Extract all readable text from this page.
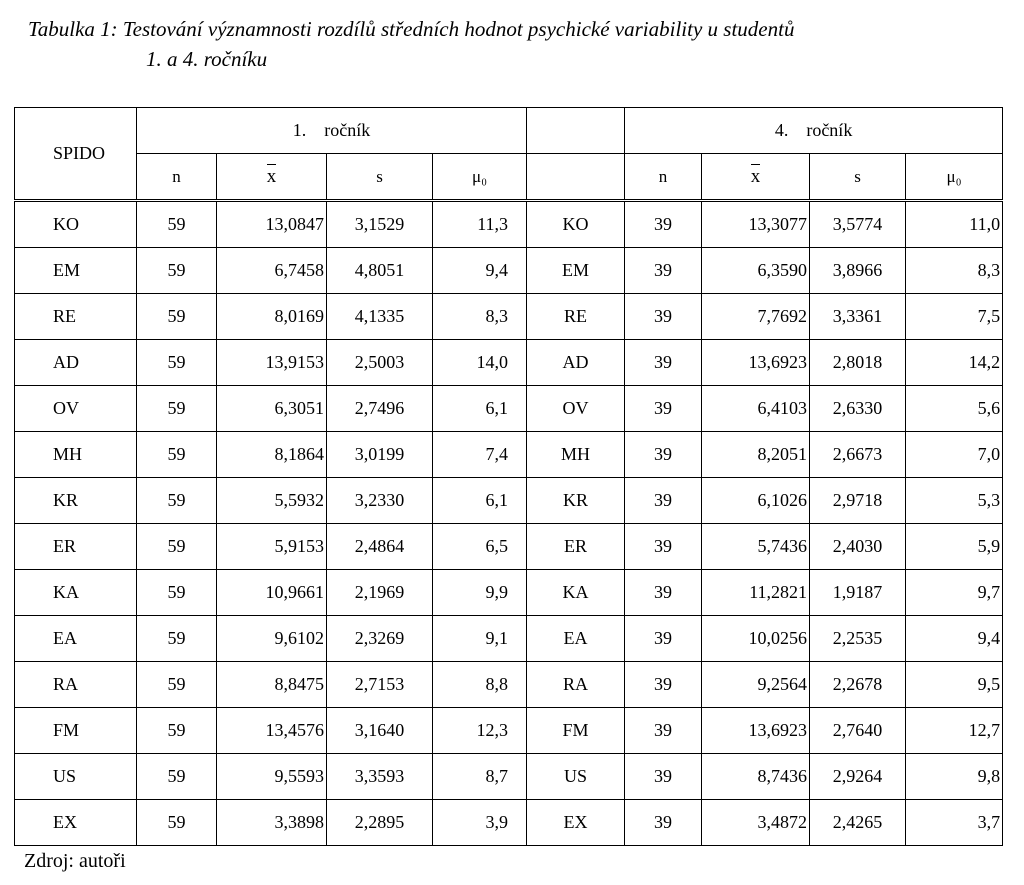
Tabulka 1: Testování významnosti rozdílů středních hodnot psychické variability u studentů
1. a 4. ročníku
SPIDO	1. ročník					4. ročník			
	n	x	s	μ₀		n	x	s	μ₀
KO	59	13,0847	3,1529	11,3	KO	39	13,3077	3,5774	11,0
EM	59	6,7458	4,8051	9,4	EM	39	6,3590	3,8966	8,3
RE	59	8,0169	4,1335	8,3	RE	39	7,7692	3,3361	7,5
AD	59	13,9153	2,5003	14,0	AD	39	13,6923	2,8018	14,2
OV	59	6,3051	2,7496	6,1	OV	39	6,4103	2,6330	5,6
MH	59	8,1864	3,0199	7,4	MH	39	8,2051	2,6673	7,0
KR	59	5,5932	3,2330	6,1	KR	39	6,1026	2,9718	5,3
ER	59	5,9153	2,4864	6,5	ER	39	5,7436	2,4030	5,9
KA	59	10,9661	2,1969	9,9	KA	39	11,2821	1,9187	9,7
EA	59	9,6102	2,3269	9,1	EA	39	10,0256	2,2535	9,4
RA	59	8,8475	2,7153	8,8	RA	39	9,2564	2,2678	9,5
FM	59	13,4576	3,1640	12,3	FM	39	13,6923	2,7640	12,7
US	59	9,5593	3,3593	8,7	US	39	8,7436	2,9264	9,8
EX	59	3,3898	2,2895	3,9	EX	39	3,4872	2,4265	3,7
Zdroj: autoři
